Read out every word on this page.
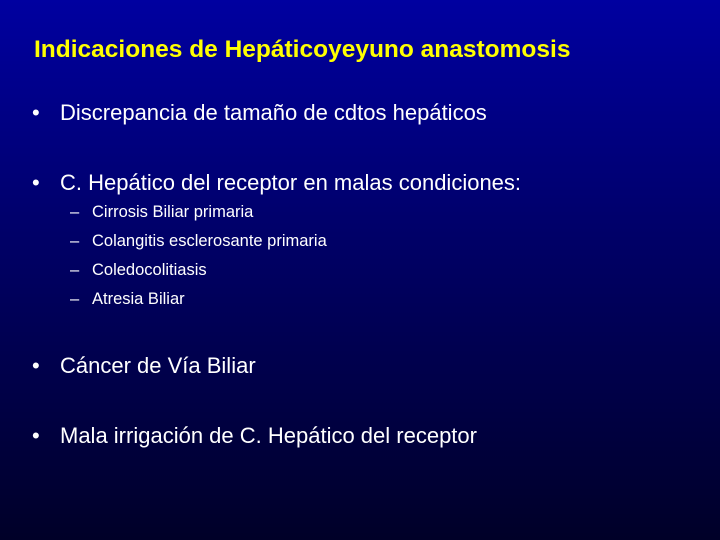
Indicaciones de Hepáticoyeyuno anastomosis
• Discrepancia de tamaño de cdtos hepáticos
• C. Hepático del receptor en malas condiciones:
– Cirrosis Biliar primaria
– Colangitis esclerosante primaria
– Coledocolitiasis
– Atresia Biliar
• Cáncer de Vía Biliar
• Mala irrigación de C. Hepático del receptor
